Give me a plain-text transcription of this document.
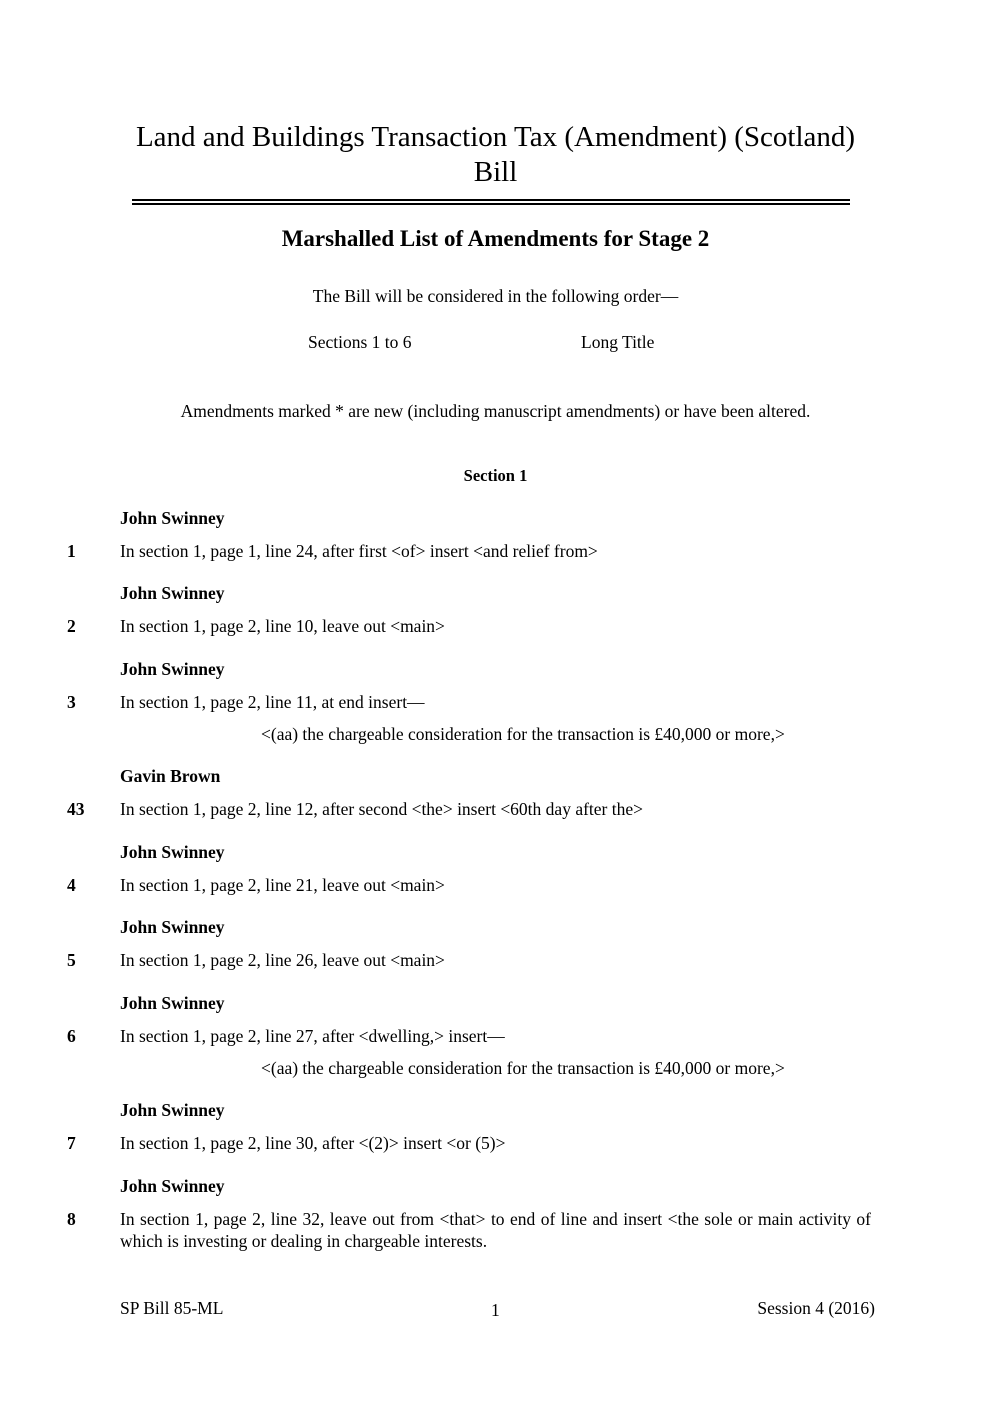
Land and Buildings Transaction Tax (Amendment) (Scotland)
Bill
Marshalled List of Amendments for Stage 2
The Bill will be considered in the following order—
Sections 1 to 6	Long Title
Amendments marked * are new (including manuscript amendments) or have been altered.
Section 1
John Swinney
1	In section 1, page 1, line 24, after first <of> insert <and relief from>
John Swinney
2	In section 1, page 2, line 10, leave out <main>
John Swinney
3	In section 1, page 2, line 11, at end insert—
<(aa) the chargeable consideration for the transaction is £40,000 or more,>
Gavin Brown
43 In section 1, page 2, line 12, after second <the> insert <60th day after the>
John Swinney
4	In section 1, page 2, line 21, leave out <main>
John Swinney
5	In section 1, page 2, line 26, leave out <main>
John Swinney
6	In section 1, page 2, line 27, after <dwelling,> insert—
<(aa) the chargeable consideration for the transaction is £40,000 or more,>
John Swinney
7	In section 1, page 2, line 30, after <(2)> insert <or (5)>
John Swinney
8	In section 1, page 2, line 32, leave out from <that> to end of line and insert <the sole or main activity of which is investing or dealing in chargeable interests.
SP Bill 85-ML	1	Session 4 (2016)
